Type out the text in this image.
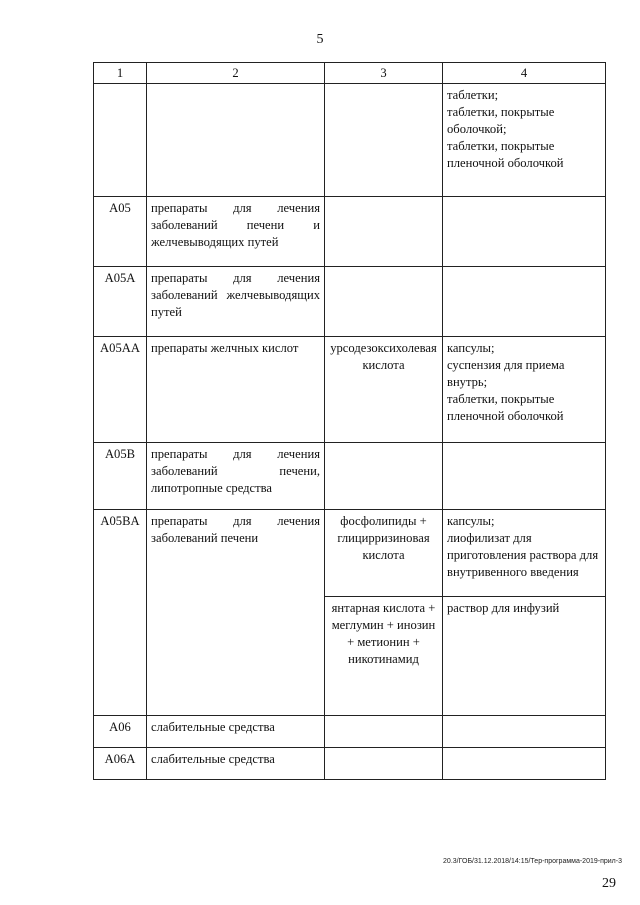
5
1	2	3	4

			таблетки;
таблетки, покрытые оболочкой;
таблетки, покрытые пленочной оболочкой

A05	препараты для лечения заболеваний печени и желчевыводящих путей		
A05A	препараты для лечения заболеваний желчевыводящих путей		
A05AA	препараты желчных кислот	урсодезоксихолевая кислота	капсулы;
суспензия для приема внутрь;
таблетки, покрытые пленочной оболочкой

A05B	препараты для лечения заболеваний печени, липотропные средства		
A05BA	препараты для лечения заболеваний печени	фосфолипиды + глицирризиновая кислота	капсулы;
лиофилизат для приготовления раствора для внутривенного введения

		янтарная кислота + меглумин + инозин + метионин + никотинамид	раствор для инфузий

A06	слабительные средства		
A06A	слабительные средства		
20.3/ГОБ/31.12.2018/14:15/Тер-программа-2019-прил-3
29
